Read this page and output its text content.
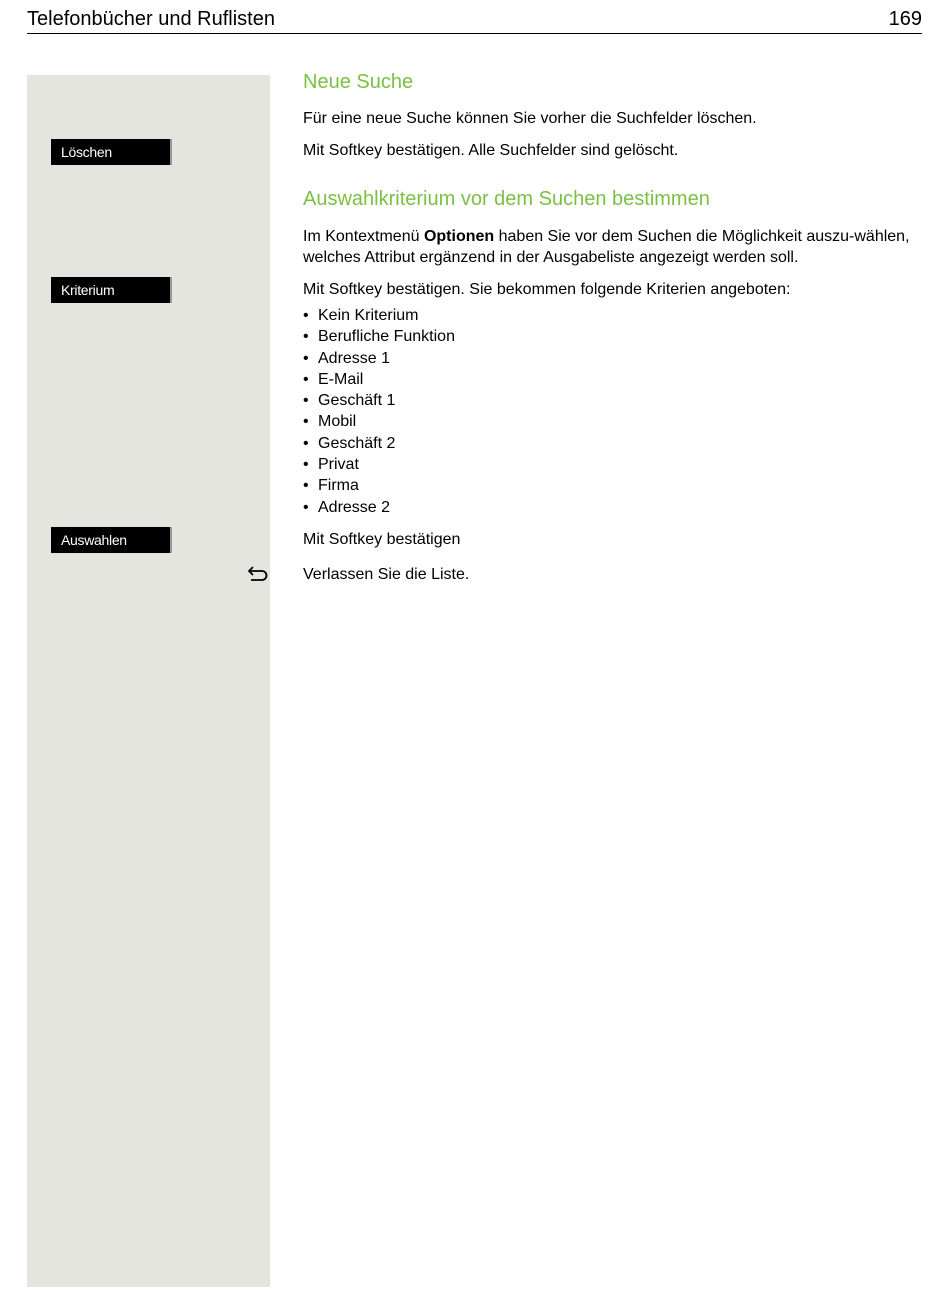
Telefonbücher und Ruflisten	169
Löschen
Kriterium
Auswahlen
Neue Suche
Für eine neue Suche können Sie vorher die Suchfelder löschen.
Mit Softkey bestätigen. Alle Suchfelder sind gelöscht.
Auswahlkriterium vor dem Suchen bestimmen
Im Kontextmenü Optionen haben Sie vor dem Suchen die Möglichkeit auszu-wählen, welches Attribut ergänzend in der Ausgabeliste angezeigt werden soll.
Mit Softkey bestätigen. Sie bekommen folgende Kriterien angeboten:
• Kein Kriterium
• Berufliche Funktion
• Adresse 1
• E-Mail
• Geschäft 1
• Mobil
• Geschäft 2
• Privat
• Firma
• Adresse 2
Mit Softkey bestätigen
Verlassen Sie die Liste.
